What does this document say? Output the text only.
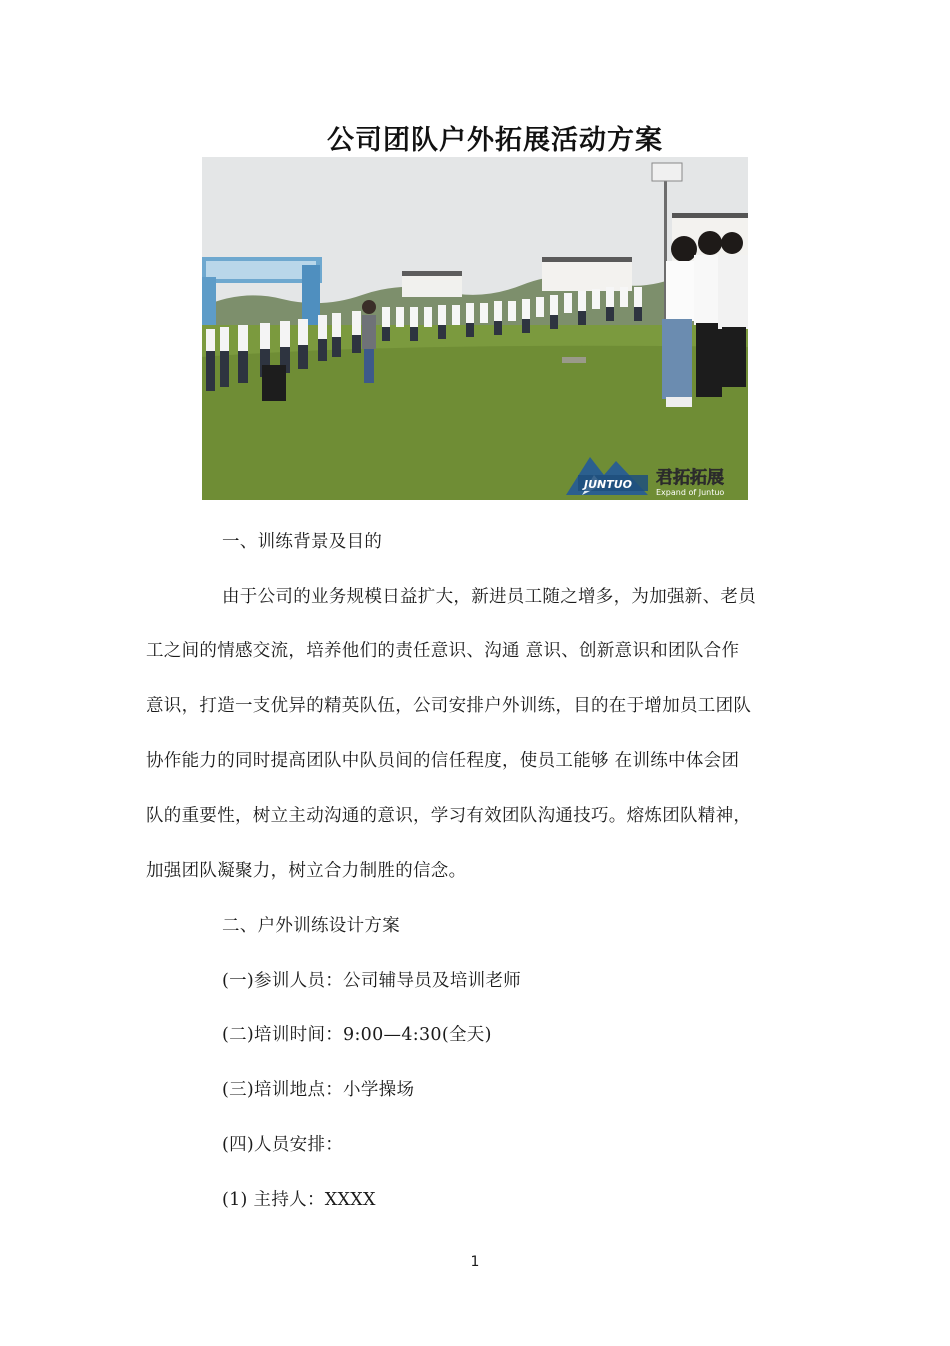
公司团队户外拓展活动方案
JUNTUO 君拓拓展
Expand of Juntuo
一、训练背景及目的
由于公司的业务规模日益扩大，新进员工随之增多，为加强新、老员
工之间的情感交流，培养他们的责任意识、沟通 意识、创新意识和团队合作
意识，打造一支优异的精英队伍，公司安排户外训练，目的在于增加员工团队
协作能力的同时提高团队中队员间的信任程度，使员工能够 在训练中体会团
队的重要性，树立主动沟通的意识，学习有效团队沟通技巧。熔炼团队精神，
加强团队凝聚力，树立合力制胜的信念。
二、户外训练设计方案
(一)参训人员：公司辅导员及培训老师
(二)培训时间：9:00—4:30(全天)
(三)培训地点：小学操场
(四)人员安排：
(1) 主持人：XXXX
1
